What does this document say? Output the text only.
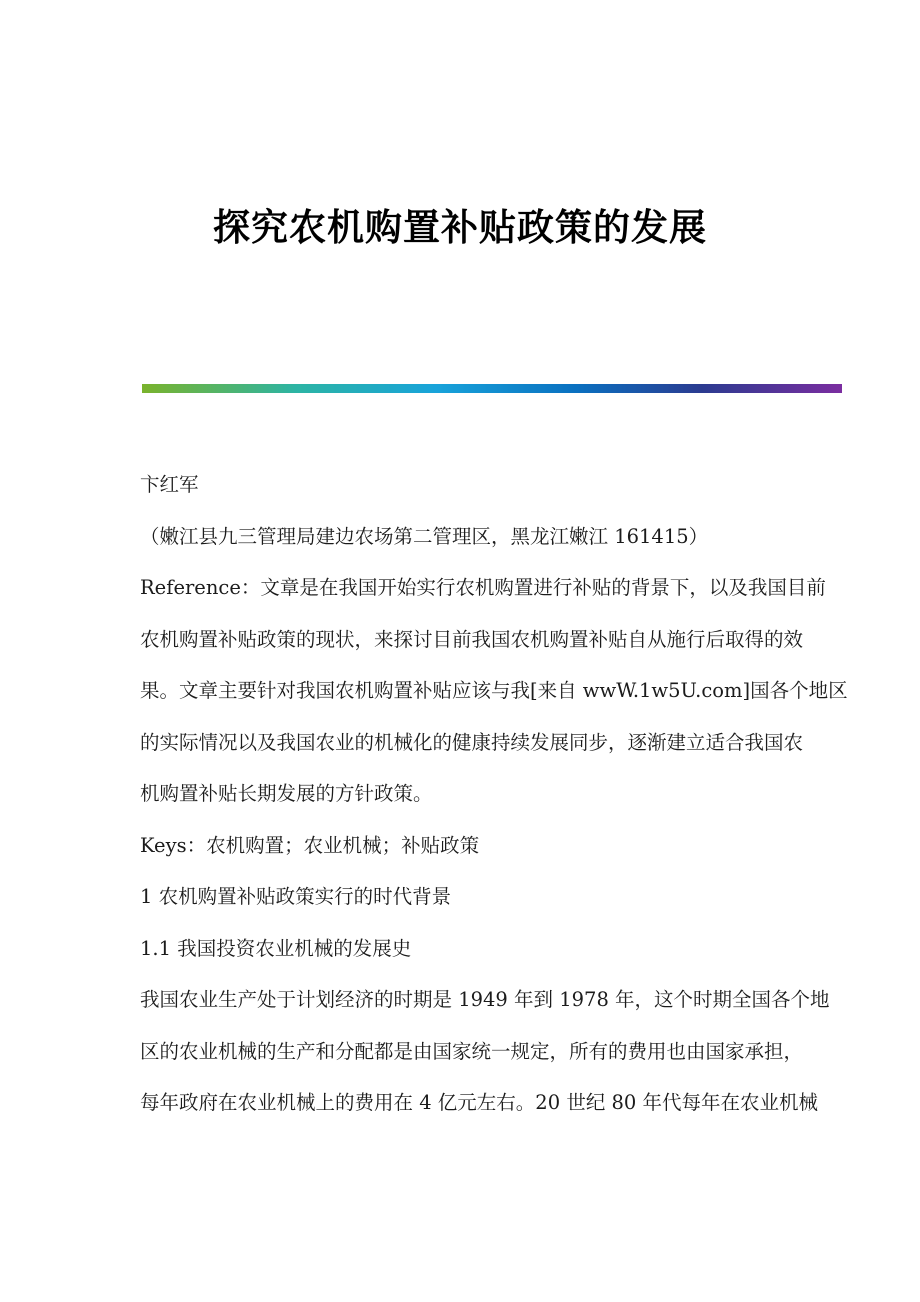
探究农机购置补贴政策的发展
卞红军
（嫩江县九三管理局建边农场第二管理区，黑龙江嫩江 161415）
Reference：文章是在我国开始实行农机购置进行补贴的背景下，以及我国目前
农机购置补贴政策的现状，来探讨目前我国农机购置补贴自从施行后取得的效
果。文章主要针对我国农机购置补贴应该与我[来自 wwW.1w5U.com]国各个地区
的实际情况以及我国农业的机械化的健康持续发展同步，逐渐建立适合我国农
机购置补贴长期发展的方针政策。
Keys：农机购置；农业机械；补贴政策
1 农机购置补贴政策实行的时代背景
1.1 我国投资农业机械的发展史
我国农业生产处于计划经济的时期是 1949 年到 1978 年，这个时期全国各个地
区的农业机械的生产和分配都是由国家统一规定，所有的费用也由国家承担，
每年政府在农业机械上的费用在 4 亿元左右。20 世纪 80 年代每年在农业机械
